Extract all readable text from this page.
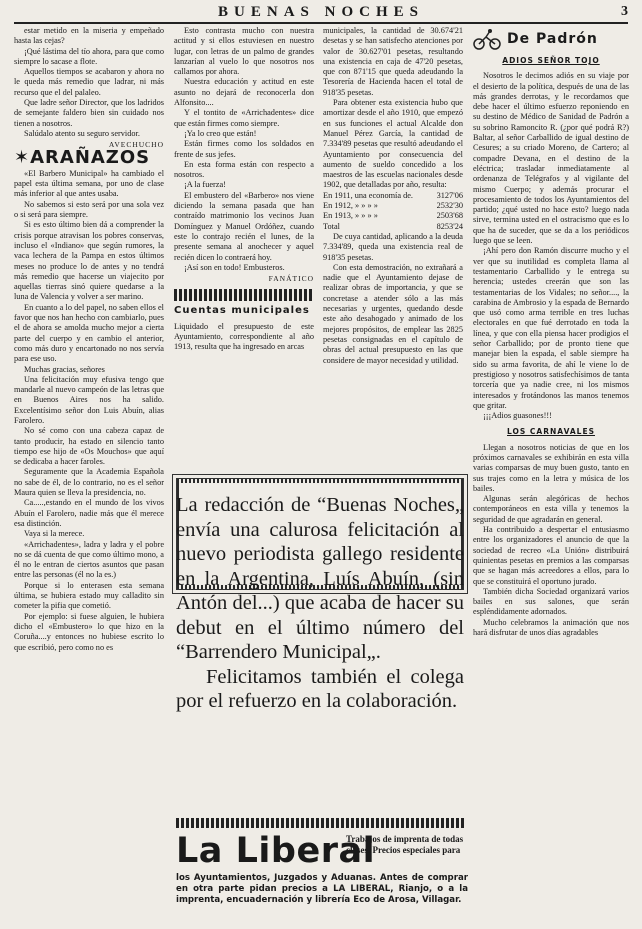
BUENAS NOCHES	3

estar metido en la miseria y empeñado hasta las cejas?

¡Qué lástima del tío ahora, para que como siempre lo sacase a flote.

Aquellos tiempos se acabaron y ahora no le queda más remedio que ladrar, ni más recurso que el del palaleo.

Que ladre señor Director, que los ladridos de semejante faldero bien sin cuidado nos tienen a nosotros.

Salúdalo atento su seguro servidor.

AVECHUCHO

✶ARAÑAZOS

«El Barbero Municipal» ha cambiado el papel esta última semana, por uno de clase más inferior al que antes usaba.

No sabemos si esto será por una sola vez o si será para siempre.

Si es esto último bien dá a comprender la crisis porque atravisan los pobres conservas, incluso el «Indiano» que según rumores, la vaca lechera de la Pampa en estos últimos meses no produce lo de antes y no tendrá más remedio que hacerse un viajecito por aquellas tierras sinó quiere quedarse a la luna de Valencia y volver a ser marino.

En cuanto a lo del papel, no saben ellos el favor que nos han hecho con cambiarlo, pues el de ahora se amolda mucho mejor a cierta parte del cuerpo y en cambio el anterior, como más duro y encartonado no nos servía para ese uso.

Muchas gracias, señores

Una felicitación muy efusiva tengo que mandarle al nuevo campeón de las letras que en Buenos Aires nos ha salido. Excelentísimo señor don Luis Abuín, alias Farolero.

No sé como con una cabeza capaz de tanto producir, ha estado en silencio tanto tiempo ese hijo de «Os Mouchos» que aquí se dedicaba a hacer faroles.

Seguramente que la Academia Española no sabe de él, de lo contrario, no es el señor Maura quien se lleva la presidencia, no.

Ca.....,estando en el mundo de los vivos Abuín el Farolero, nadie más que él merece esa distinción.

Vaya si la merece.

«Arrichadentes», ladra y ladra y el pobre no se dá cuenta de que como último mono, a él no le entran de ciertos asuntos que pasan entre las personas (él no la es.)

Porque si lo enterasen esta semana última, se hubiera estado muy calladito sin cometer la pifia que cometió.

Por ejemplo: si fuese alguien, le hubiera dicho el «Embustero» lo que hizo en la Coruña....y entonces no hubiese escrito lo que escribió, pero como no es

Esto contrasta mucho con nuestra actitud y si ellos estuviesen en nuestro lugar, con letras de un palmo de grandes lanzarían al vuelo lo que nosotros nos callamos por ahora.

Nuestra educación y actitud en este asunto no dejará de reconocerla don Alfonsito....

Y el tontito de «Arrichadentes» dice que están firmes como siempre.

¡Ya lo creo que están!

Están firmes como los soldados en frente de sus jefes.

En esta forma están con respecto a nosotros.

¡A la fuerza!

El embustero del «Barbero» nos viene diciendo la semana pasada que han contraído matrimonio los vecinos Juan Domínguez y Manuel Ordóñez, cuando este lo contrajo recién el lunes, de la presente semana al anochecer y aquel recién dicen lo contraerá hoy.

¡Así son en todo! Embusteros.

FANÁTICO

Cuentas municipales

Liquidado el presupuesto de este Ayuntamiento, correspondiente al año 1913, resulta que ha ingresado en arcas

municipales, la cantidad de 30.674'21 desetas y se han satisfecho atenciones por valor de 30.627'01 pesetas, resultando una existencia en caja de 47'20 pesetas, que con 871'15 que queda adeudando la Tesorería de Hacienda hacen el total de 918'35 pesetas.

Para obtener esta existencia hubo que amortizar desde el año 1910, que empezó en sus funciones el actual Alcalde don Manuel Pérez García, la cantidad de 7.334'89 pesetas que resultó adeudando el Ayuntamiento por consecuencia del aumento de sueldo concedido a los maestros de las escuelas nacionales desde 1902, que detalladas por año, resulta:

En 1911, una economía de.	3127'06
En 1912, » » » »	2532'30
En 1913, » » » »	2503'68
Total	8253'24

De cuya cantidad, aplicando a la deuda 7.334'89, queda una existencia real de 918'35 pesetas.

Con esta demostración, no extrañará a nadie que el Ayuntamiento dejase de realizar obras de importancia, y que se concretase a atender sólo a las más necesarias y urgentes, quedando desde este año desahogado y animado de los mejores propósitos, de emplear las 2825 pesetas consignadas en el capítulo de obras del actual presupuesto en las que considere de mayor necesidad y utilidad.

De Padrón

ADIOS SEÑOR TOJO

Nosotros le decimos adiós en su viaje por el desierto de la política, después de una de las más grandes derrotas, y le recordamos que debe hacer el último esfuerzo reponiendo en su destino de Médico de Sanidad de Padrón a su sobrino Ramoncito R. (¿por qué podrá R?) Baltar, al señor Carballido de igual destino de Cesures; a su criado Moreno, de Cartero; al compadre Devana, en el destino de la eléctrica; trasladar inmediatamente al ordenanza de Telégrafos y al vigilante del mismo Cuerpo; y además procurar el procesamiento de todos los Ayuntamientos del partido; ¿qué usted no hace esto? luego nada sirve, termina usted en el ostracismo que es lo que ha de suceder, que se da a los periódicos luego que se leen.

¡Ahí pero don Ramón discurre mucho y el ver que su inutilidad es completa llama al testamentario Carballido y le entrega su herencia; ustedes creerán que son las testamentarias de los Vidales; no señor...., la carabina de Ambrosio y la espada de Bernardo que usó como arma terrible en tres luchas electorales en que fué derrotado en toda la línea, y que con ella piensa hacer prodigios el señor Carballido; por de pronto tiene que manejar bien la espada, el sable siempre ha sido su arma favorita, de ahí le viene lo de prestigioso y nosotros satisfechísimos de tanta torcería que ya nadie cree, ni los mismos interesados y frotándonos las manos tenemos que gritar.

¡¡¡Adios guasones!!!

LOS CARNAVALES

Llegan a nosotros noticias de que en los próximos carnavales se exhibirán en esta villa varias comparsas de muy buen gusto, tanto en sus trajes como en la letra y música de los bailes.

Algunas serán alegóricas de hechos contemporáneos en esta villa y tenemos la seguridad de que agradarán en general.

Ha contribuido a despertar el entusiasmo entre los organizadores el anuncio de que la sociedad de recreo «La Unión» distribuirá quinientas pesetas en premios a las comparsas que se hagan más acreedores a ellos, para lo que se constituirá el oportuno jurado.

También dicha Sociedad organizará varios bailes en sus salones, que serán espléndidamente adornados.

Mucho celebramos la animación que nos hará disfrutar de unos días agradables

La redacción de “Buenas Noches„ envía una calurosa felicitación al nuevo periodista gallego residente en la Argentina, Luís Abuín, (sin Antón del...) que acaba de hacer su debut en el último número del “Barrendero Municipal„.

Felicitamos también el colega por el refuerzo en la colaboración.

La Liberal
Trabajos de imprenta de todas clases. Precios especiales para
los Ayuntamientos, Juzgados y Aduanas. Antes de comprar en otra parte pidan precios a LA LIBERAL, Rianjo, o a la imprenta, encuadernación y librería Eco de Arosa, Villagar.
